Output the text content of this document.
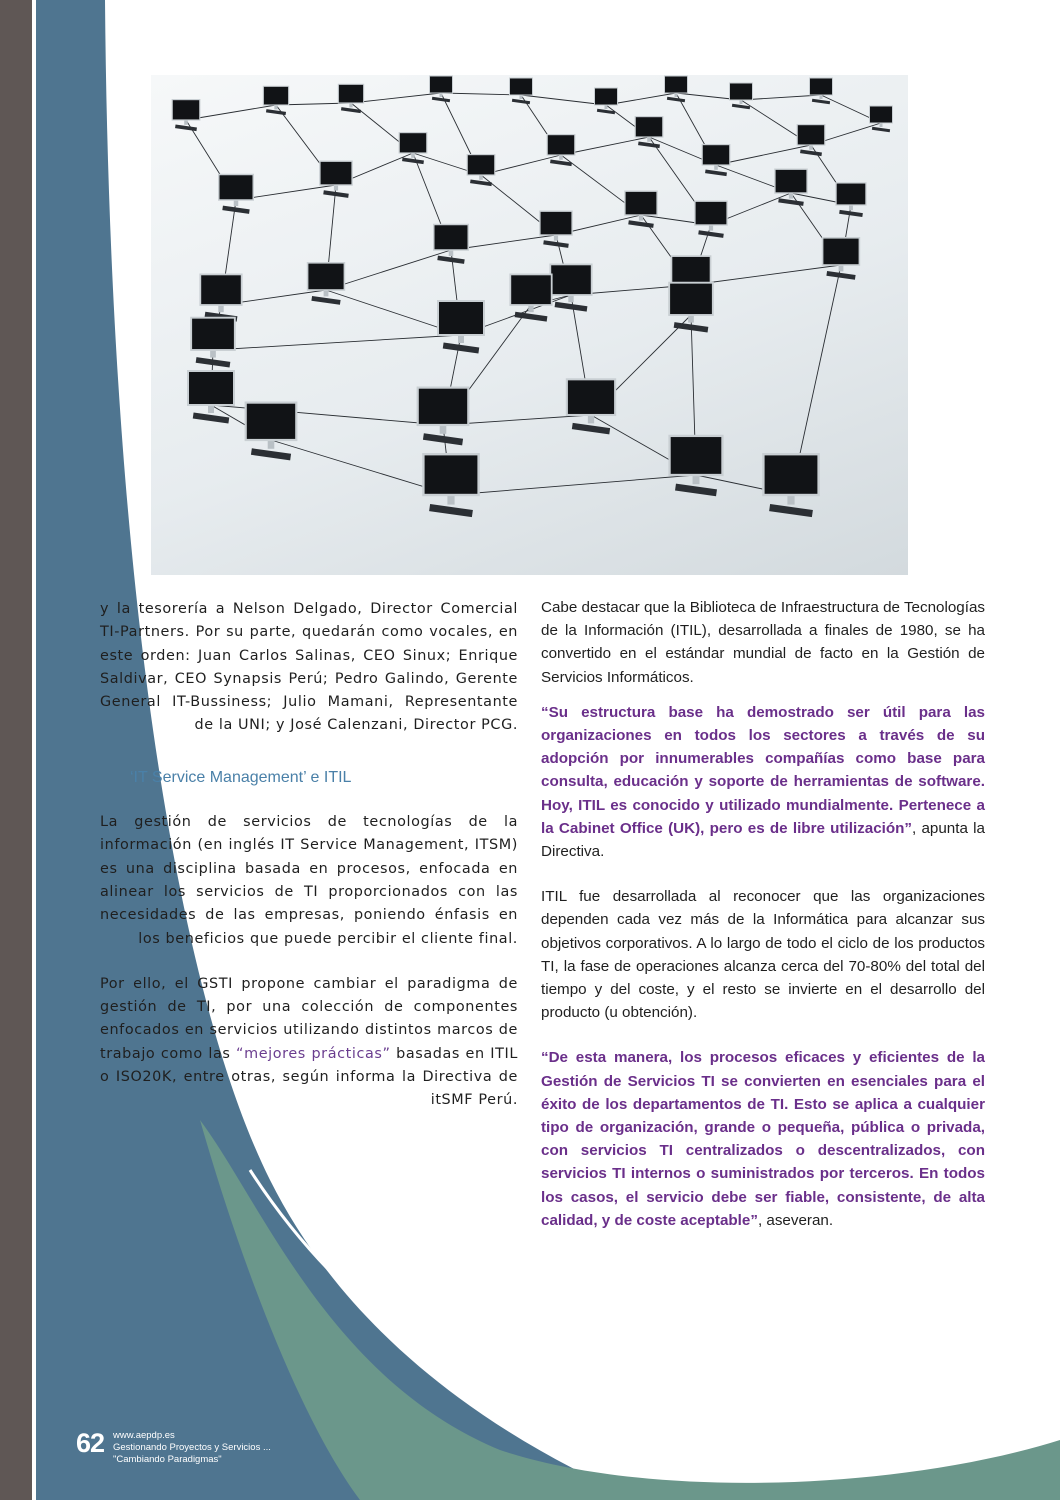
y la tesorería a Nelson Delgado, Director Comercial TI-Partners. Por su parte, quedarán como vocales, en este orden: Juan Carlos Salinas, CEO Sinux; Enrique Saldivar, CEO Synapsis Perú; Pedro Galindo, Gerente General IT-Bussiness; Julio Mamani, Representante de la UNI; y José Calenzani, Director PCG.

‘IT Service Management’ e ITIL

La gestión de servicios de tecnologías de la información (en inglés IT Service Management, ITSM) es una disciplina basada en procesos, enfocada en alinear los servicios de TI proporcionados con las necesidades de las empresas, poniendo énfasis en los beneficios que puede percibir el cliente final.

Por ello, el GSTI propone cambiar el paradigma de gestión de TI, por una colección de componentes enfocados en servicios utilizando distintos marcos de trabajo como las “mejores prácticas” basadas en ITIL o ISO20K, entre otras, según informa la Directiva de itSMF Perú.

Cabe destacar que la Biblioteca de Infraestructura de Tecnologías de la Información (ITIL), desarrollada a finales de 1980, se ha convertido en el estándar mundial de facto en la Gestión de Servicios Informáticos.

“Su estructura base ha demostrado ser útil para las organizaciones en todos los sectores a través de su adopción por innumerables compañías como base para consulta, educación y soporte de herramientas de software. Hoy, ITIL es conocido y utilizado mundialmente. Pertenece a la Cabinet Office (UK), pero es de libre utilización”, apunta la Directiva.

ITIL fue desarrollada al reconocer que las organizaciones dependen cada vez más de la Informática para alcanzar sus objetivos corporativos. A lo largo de todo el ciclo de los productos TI, la fase de operaciones alcanza cerca del 70-80% del total del tiempo y del coste, y el resto se invierte en el desarrollo del producto (u obtención).

“De esta manera, los procesos eficaces y eficientes de la Gestión de Servicios TI se convierten en esenciales para el éxito de los departamentos de TI. Esto se aplica a cualquier tipo de organización, grande o pequeña, pública o privada, con servicios TI centralizados o descentralizados, con servicios TI internos o suministrados por terceros. En todos los casos, el servicio debe ser fiable, consistente, de alta calidad, y de coste aceptable”, aseveran.

62 www.aepdp.es
Gestionando Proyectos y Servicios ...
"Cambiando Paradigmas"
